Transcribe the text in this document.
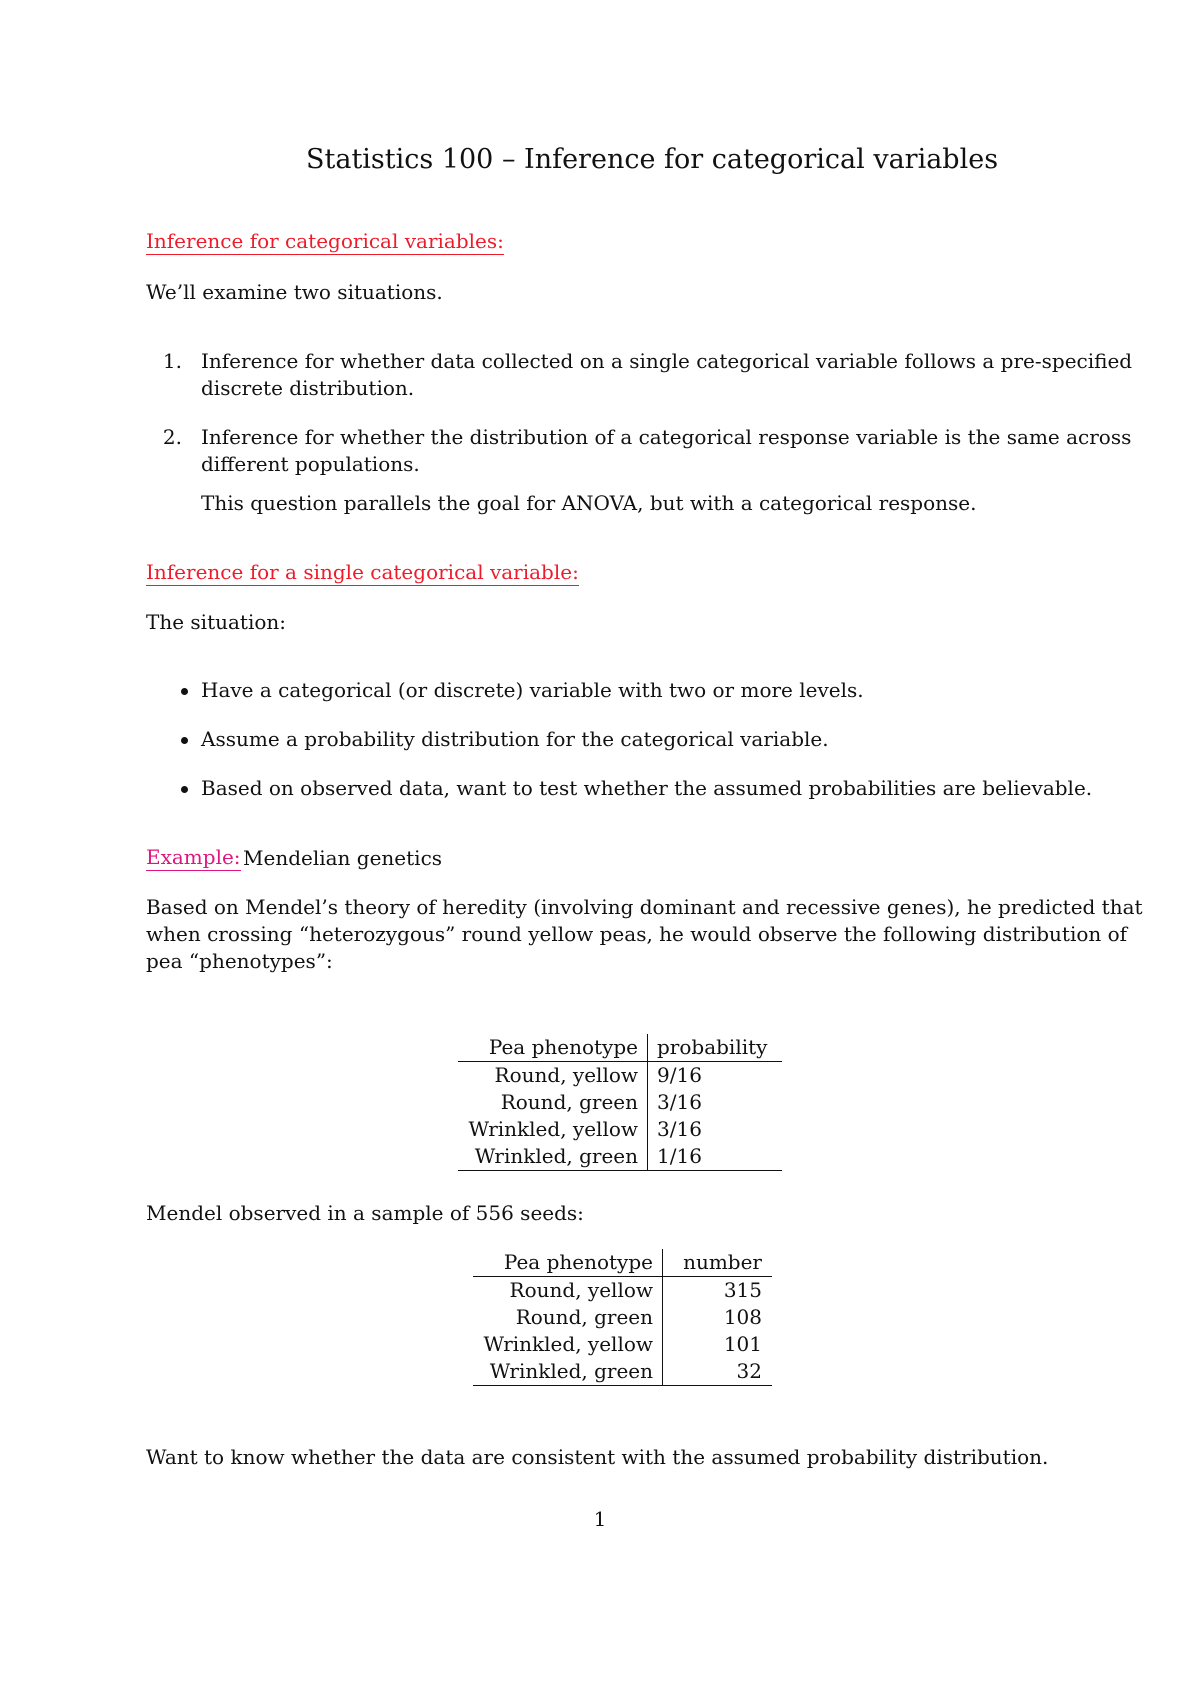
Statistics 100 – Inference for categorical variables
Inference for categorical variables:
We’ll examine two situations.
1. Inference for whether data collected on a single categorical variable follows a pre-specified
discrete distribution.
2. Inference for whether the distribution of a categorical response variable is the same across
different populations.
This question parallels the goal for ANOVA, but with a categorical response.
Inference for a single categorical variable:
The situation:
Have a categorical (or discrete) variable with two or more levels.
Assume a probability distribution for the categorical variable.
Based on observed data, want to test whether the assumed probabilities are believable.
Example: Mendelian genetics
Based on Mendel’s theory of heredity (involving dominant and recessive genes), he predicted that
when crossing “heterozygous” round yellow peas, he would observe the following distribution of
pea “phenotypes”:
Pea phenotype	probability
Round, yellow	9/16
Round, green	3/16
Wrinkled, yellow	3/16
Wrinkled, green	1/16
Mendel observed in a sample of 556 seeds:
Pea phenotype	number
Round, yellow	315
Round, green	108
Wrinkled, yellow	101
Wrinkled, green	32
Want to know whether the data are consistent with the assumed probability distribution.
1
